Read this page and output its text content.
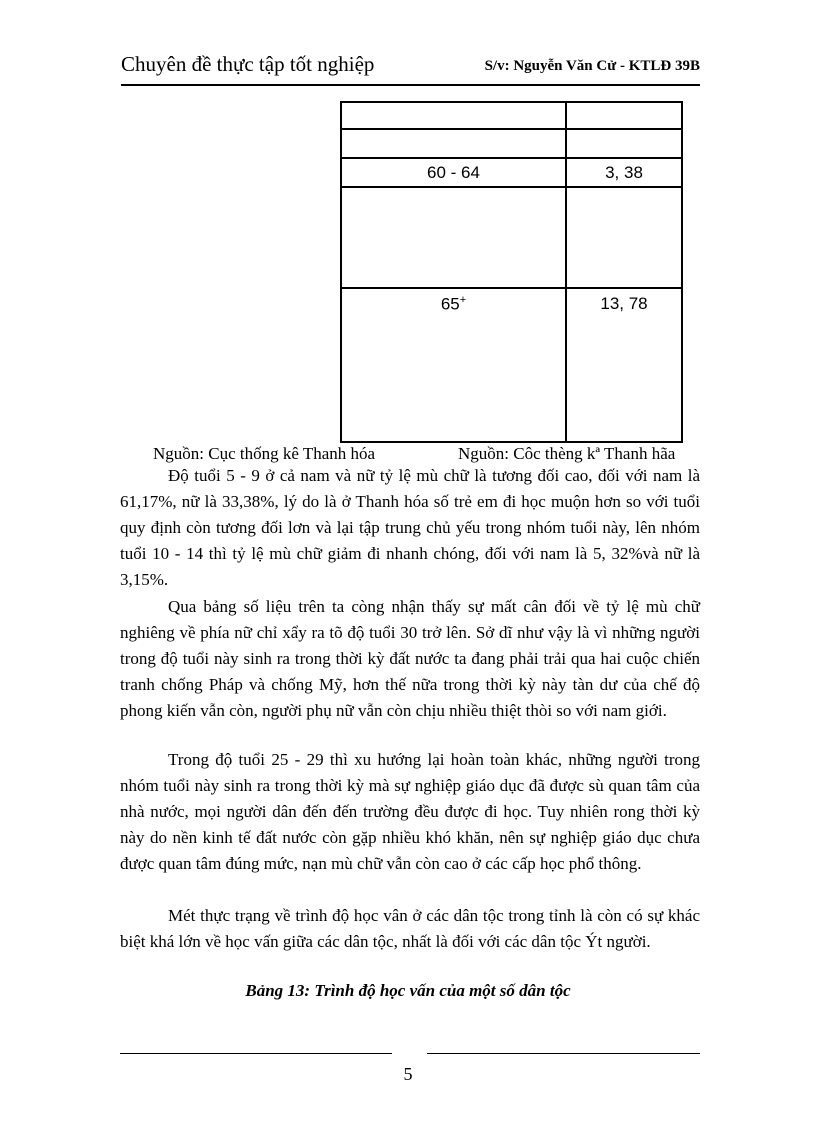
Chuyên đề thực tập tốt nghiệp	S/v: Nguyễn Văn Cử - KTLĐ 39B

60 - 64	3, 38

65+	13, 78
Nguồn: Cục thống kê Thanh hóa	Nguồn: Côc thèng kª Thanh hãa

Độ tuổi 5 - 9 ở cả nam và nữ tỷ lệ mù chữ là tương đối cao, đối với nam là 61,17%, nữ là 33,38%, lý do là ở Thanh hóa số trẻ em đi học muộn hơn so với tuổi quy định còn tương đối lơn và lại tập trung chủ yếu trong nhóm tuổi này, lên nhóm tuổi 10 - 14 thì tỷ lệ mù chữ giảm đi nhanh chóng, đối với nam là 5, 32%và nữ là 3,15%.

Qua bảng số liệu trên ta còng nhận thấy sự mất cân đối về tỷ lệ mù chữ nghiêng về phía nữ chỉ xẩy ra tõ độ tuổi 30 trở lên. Sở dĩ như vậy là vì những người trong độ tuổi này sinh ra trong thời kỳ đất nước ta đang phải trải qua hai cuộc chiến tranh chống Pháp và chống Mỹ, hơn thế nữa trong thời kỳ này tàn dư của chế độ phong kiến vẫn còn, người phụ nữ vẫn còn chịu nhiều thiệt thòi so với nam giới.

Trong độ tuổi 25 - 29 thì xu hướng lại hoàn toàn khác, những người trong nhóm tuổi này sinh ra trong thời kỳ mà sự nghiệp giáo dục đã được sù quan tâm của nhà nước, mọi người dân đến đến trường đều được đi học. Tuy nhiên rong thời kỳ này do nền kinh tế đất nước còn gặp nhiều khó khăn, nên sự nghiệp giáo dục chưa được quan tâm đúng mức, nạn mù chữ vẫn còn cao ở các cấp học phổ thông.

Mét thực trạng về trình độ học vân ở các dân tộc trong tỉnh là còn có sự khác biệt khá lớn về học vấn giữa các dân tộc, nhất là đối với các dân tộc Ýt người.

Bảng 13: Trình độ học vấn của một số dân tộc
5
